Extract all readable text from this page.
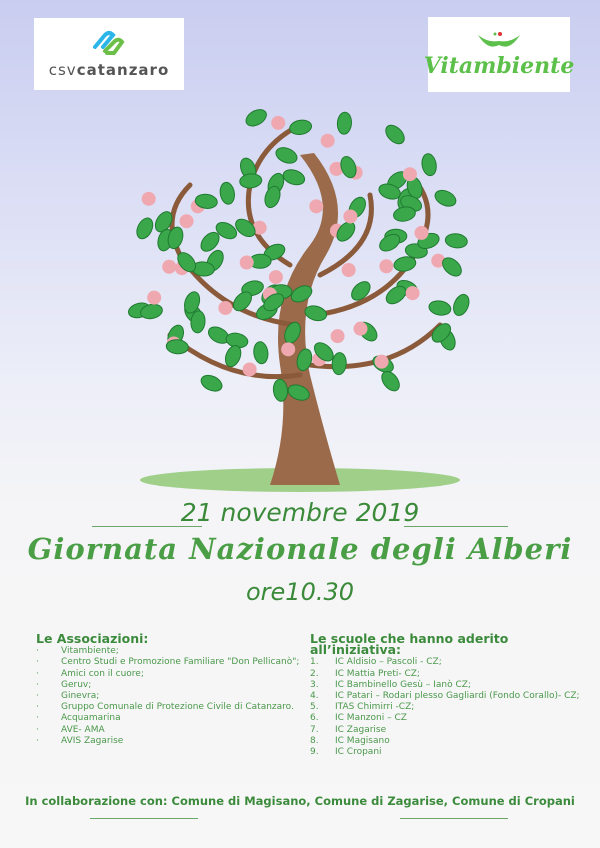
csvcatanzaro	Vitambiente
21 novembre 2019
Giornata Nazionale degli Alberi
ore10.30
Le Associazioni:
·	Vitambiente;
·	Centro Studi e Promozione Familiare "Don Pellicanò";
·	Amici con il cuore;
·	Geruv;
·	Ginevra;
·	Gruppo Comunale di Protezione Civile di Catanzaro.
·	Acquamarina
·	AVE- AMA
·	AVIS Zagarise
Le scuole che hanno aderito all’iniziativa:
1.	IC Aldisio – Pascoli - CZ;
2.	IC Mattia Preti- CZ;
3.	IC Bambinello Gesù – Ianò CZ;
4.	IC Patari – Rodari plesso Gagliardi (Fondo Corallo)- CZ;
5.	ITAS Chimirri -CZ;
6.	IC Manzoni – CZ
7.	IC Zagarise
8.	IC Magisano
9.	IC Cropani
In collaborazione con: Comune di Magisano, Comune di Zagarise, Comune di Cropani
